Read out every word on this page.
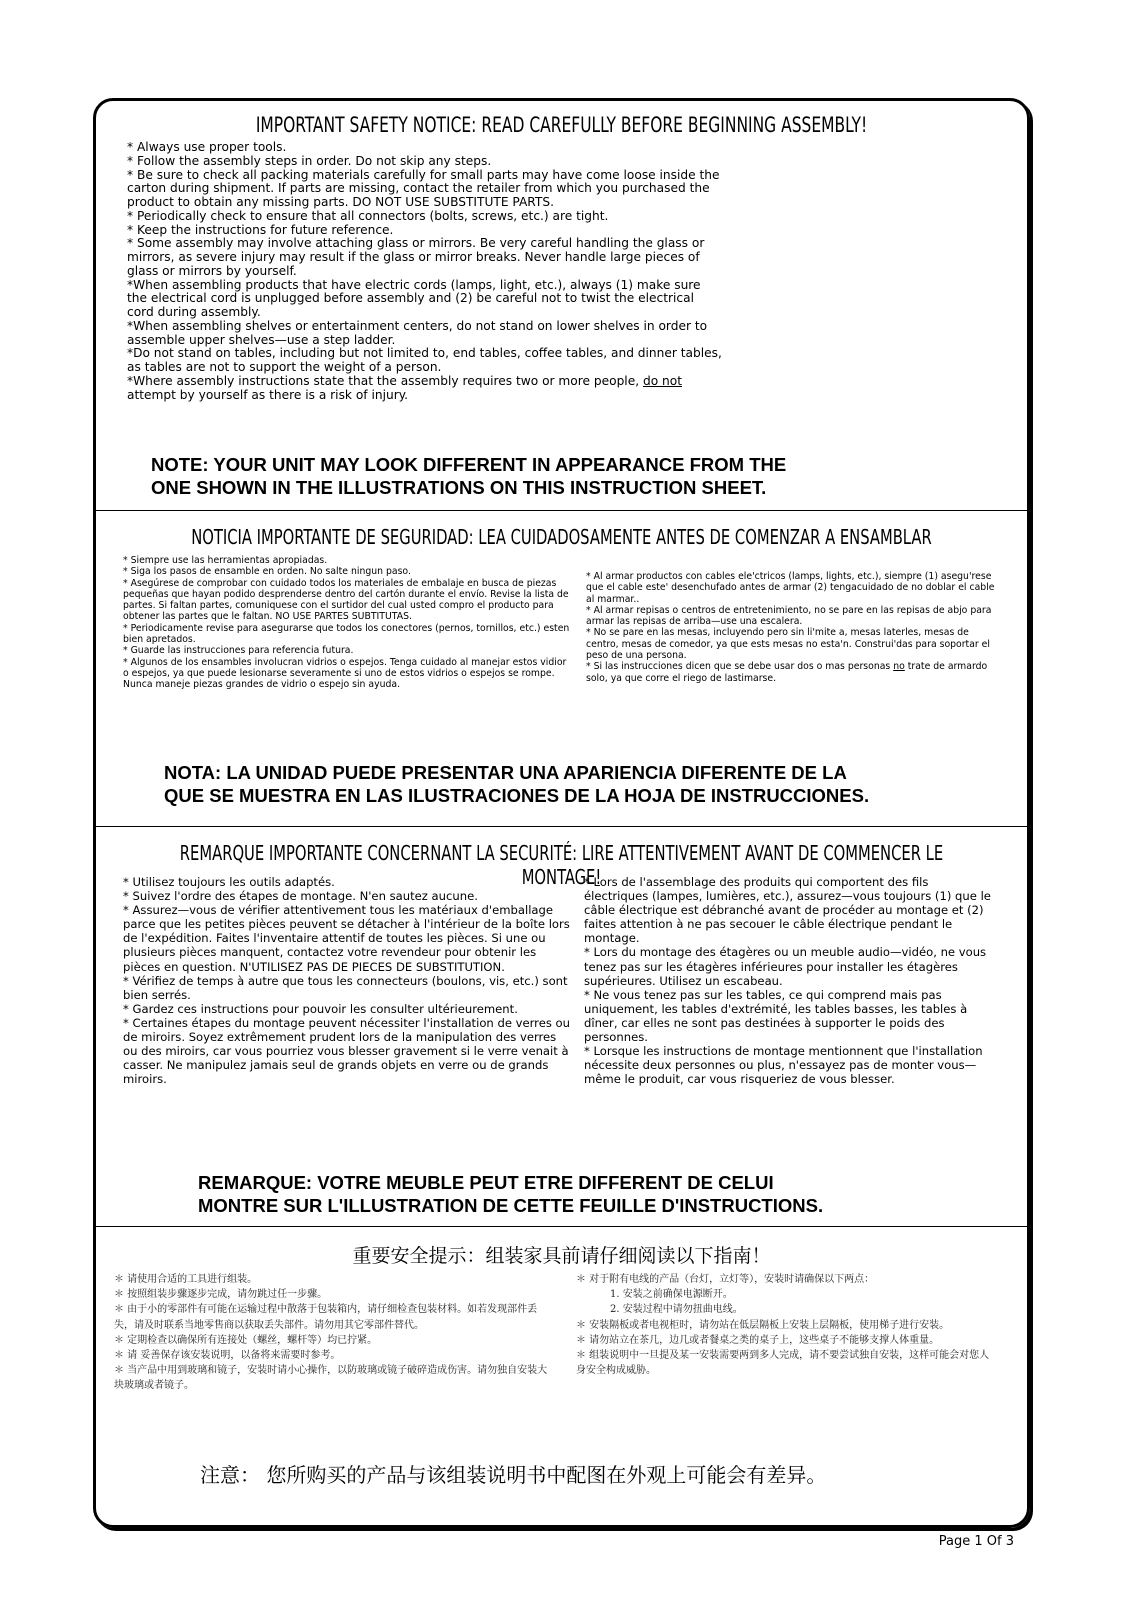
IMPORTANT SAFETY NOTICE: READ CAREFULLY BEFORE BEGINNING ASSEMBLY!
* Always use proper tools.
* Follow the assembly steps in order. Do not skip any steps.
* Be sure to check all packing materials carefully for small parts may have come loose inside the carton during shipment. If parts are missing, contact the retailer from which you purchased the product to obtain any missing parts. DO NOT USE SUBSTITUTE PARTS.
* Periodically check to ensure that all connectors (bolts, screws, etc.) are tight.
* Keep the instructions for future reference.
* Some assembly may involve attaching glass or mirrors. Be very careful handling the glass or mirrors, as severe injury may result if the glass or mirror breaks. Never handle large pieces of glass or mirrors by yourself.
*When assembling products that have electric cords (lamps, light, etc.), always (1) make sure the electrical cord is unplugged before assembly and (2) be careful not to twist the electrical cord during assembly.
*When assembling shelves or entertainment centers, do not stand on lower shelves in order to assemble upper shelves—use a step ladder.
*Do not stand on tables, including but not limited to, end tables, coffee tables, and dinner tables, as tables are not to support the weight of a person.
*Where assembly instructions state that the assembly requires two or more people, do not attempt by yourself as there is a risk of injury.
NOTE: YOUR UNIT MAY LOOK DIFFERENT IN APPEARANCE FROM THE
ONE SHOWN IN THE ILLUSTRATIONS ON THIS INSTRUCTION SHEET.
NOTICIA IMPORTANTE DE SEGURIDAD: LEA CUIDADOSAMENTE ANTES DE COMENZAR A ENSAMBLAR
* Siempre use las herramientas apropiadas.
* Siga los pasos de ensamble en orden. No salte ningun paso.
* Asegúrese de comprobar con cuidado todos los materiales de embalaje en busca de piezas pequeñas que hayan podido desprenderse dentro del cartón durante el envío. Revise la lista de partes. Si faltan partes, comuniquese con el surtidor del cual usted compro el producto para obtener las partes que le faltan. NO USE PARTES SUBTITUTAS.
* Periodicamente revise para asegurarse que todos los conectores (pernos, tornillos, etc.) esten bien apretados.
* Guarde las instrucciones para referencia futura.
* Algunos de los ensambles involucran vidrios o espejos. Tenga cuidado al manejar estos vidior o espejos, ya que puede lesionarse severamente si uno de estos vidrios o espejos se rompe. Nunca maneje piezas grandes de vidrio o espejo sin ayuda.
* Al armar productos con cables ele'ctricos (lamps, lights, etc.), siempre (1) asegu'rese que el cable este' desenchufado antes de armar (2) tengacuidado de no doblar el cable al marmar..
* Al armar repisas o centros de entretenimiento, no se pare en las repisas de abjo para armar las repisas de arriba—use una escalera.
* No se pare en las mesas, incluyendo pero sin li'mite a, mesas laterles, mesas de centro, mesas de comedor, ya que ests mesas no esta'n. Construi'das para soportar el peso de una persona.
* Si las instrucciones dicen que se debe usar dos o mas personas no trate de armardo solo, ya que corre el riego de lastimarse.
NOTA: LA UNIDAD PUEDE PRESENTAR UNA APARIENCIA DIFERENTE DE LA
QUE SE MUESTRA EN LAS ILUSTRACIONES DE LA HOJA DE INSTRUCCIONES.
REMARQUE IMPORTANTE CONCERNANT LA SECURITÉ: LIRE ATTENTIVEMENT AVANT DE COMMENCER LE MONTAGE!
* Utilisez toujours les outils adaptés.
* Suivez l'ordre des étapes de montage. N'en sautez aucune.
* Assurez—vous de vérifier attentivement tous les matériaux d'emballage parce que les petites pièces peuvent se détacher à l'intérieur de la boîte lors de l'expédition. Faites l'inventaire attentif de toutes les pièces. Si une ou plusieurs pièces manquent, contactez votre revendeur pour obtenir les pièces en question. N'UTILISEZ PAS DE PIECES DE SUBSTITUTION.
* Vérifiez de temps à autre que tous les connecteurs (boulons, vis, etc.) sont bien serrés.
* Gardez ces instructions pour pouvoir les consulter ultérieurement.
* Certaines étapes du montage peuvent nécessiter l'installation de verres ou de miroirs. Soyez extrêmement prudent lors de la manipulation des verres ou des miroirs, car vous pourriez vous blesser gravement si le verre venait à casser. Ne manipulez jamais seul de grands objets en verre ou de grands miroirs.
* Lors de l'assemblage des produits qui comportent des fils électriques (lampes, lumières, etc.), assurez—vous toujours (1) que le câble électrique est débranché avant de procéder au montage et (2) faites attention à ne pas secouer le câble électrique pendant le montage.
* Lors du montage des étagères ou un meuble audio—vidéo, ne vous tenez pas sur les étagères inférieures pour installer les étagères supérieures. Utilisez un escabeau.
* Ne vous tenez pas sur les tables, ce qui comprend mais pas uniquement, les tables d'extrémité, les tables basses, les tables à dîner, car elles ne sont pas destinées à supporter le poids des personnes.
* Lorsque les instructions de montage mentionnent que l'installation nécessite deux personnes ou plus, n'essayez pas de monter vous—même le produit, car vous risqueriez de vous blesser.
REMARQUE: VOTRE MEUBLE PEUT ETRE DIFFERENT DE CELUI
MONTRE SUR L'ILLUSTRATION DE CETTE FEUILLE D'INSTRUCTIONS.
重要安全提示：组装家具前请仔细阅读以下指南！
＊ 请使用合适的工具进行组装。
＊ 按照组装步骤逐步完成，请勿跳过任一步骤。
＊ 由于小的零部件有可能在运输过程中散落于包装箱内，请仔细检查包装材料。如若发现部件丢失，请及时联系当地零售商以获取丢失部件。请勿用其它零部件替代。
＊ 定期检查以确保所有连接处（螺丝，螺杆等）均已拧紧。
＊ 请 妥善保存该安装说明，以备将来需要时参考。
＊ 当产品中用到玻璃和镜子，安装时请小心操作，以防玻璃或镜子破碎造成伤害。请勿独自安装大块玻璃或者镜子。
＊ 对于附有电线的产品（台灯，立灯等），安装时请确保以下两点：
1. 安装之前确保电源断开。
2. 安装过程中请勿扭曲电线。
＊ 安装隔板或者电视柜时，请勿站在低层隔板上安装上层隔板，使用梯子进行安装。
＊ 请勿站立在茶几，边几或者餐桌之类的桌子上，这些桌子不能够支撑人体重量。
＊ 组装说明中一旦提及某一安装需要两到多人完成，请不要尝试独自安装，这样可能会对您人身安全构成威胁。
注意： 您所购买的产品与该组装说明书中配图在外观上可能会有差异。
Page 1 Of 3
